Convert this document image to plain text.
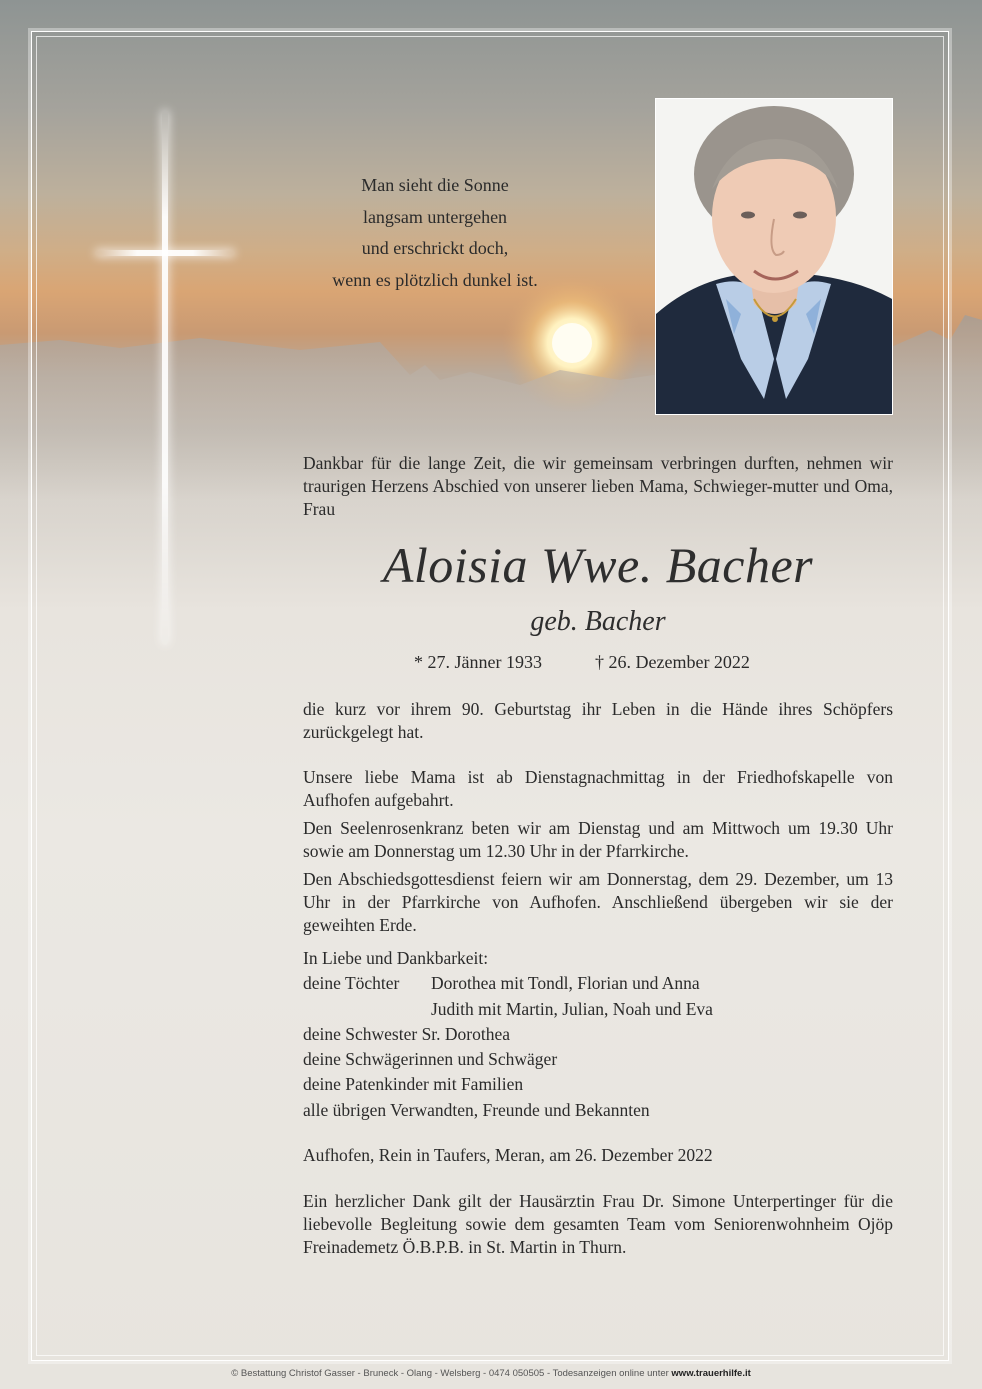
Man sieht die Sonne
langsam untergehen
und erschrickt doch,
wenn es plötzlich dunkel ist.
Dankbar für die lange Zeit, die wir gemeinsam verbringen durften, nehmen wir traurigen Herzens Abschied von unserer lieben Mama, Schwieger-mutter und Oma, Frau
Aloisia Wwe. Bacher
geb. Bacher
* 27. Jänner 1933	† 26. Dezember 2022
die kurz vor ihrem 90. Geburtstag ihr Leben in die Hände ihres Schöpfers zurückgelegt hat.
Unsere liebe Mama ist ab Dienstagnachmittag in der Friedhofskapelle von Aufhofen aufgebahrt.
Den Seelenrosenkranz beten wir am Dienstag und am Mittwoch um 19.30 Uhr sowie am Donnerstag um 12.30 Uhr in der Pfarrkirche.
Den Abschiedsgottesdienst feiern wir am Donnerstag, dem 29. Dezember, um 13 Uhr in der Pfarrkirche von Aufhofen. Anschließend übergeben wir sie der geweihten Erde.
In Liebe und Dankbarkeit:
deine Töchter	Dorothea mit Tondl, Florian und Anna
Judith mit Martin, Julian, Noah und Eva
deine Schwester Sr. Dorothea
deine Schwägerinnen und Schwäger
deine Patenkinder mit Familien
alle übrigen Verwandten, Freunde und Bekannten
Aufhofen, Rein in Taufers, Meran, am 26. Dezember 2022
Ein herzlicher Dank gilt der Hausärztin Frau Dr. Simone Unterpertinger für die liebevolle Begleitung sowie dem gesamten Team vom Seniorenwohnheim Ojöp Freinademetz Ö.B.P.B. in St. Martin in Thurn.
© Bestattung Christof Gasser - Bruneck - Olang - Welsberg - 0474 050505 - Todesanzeigen online unter www.trauerhilfe.it
